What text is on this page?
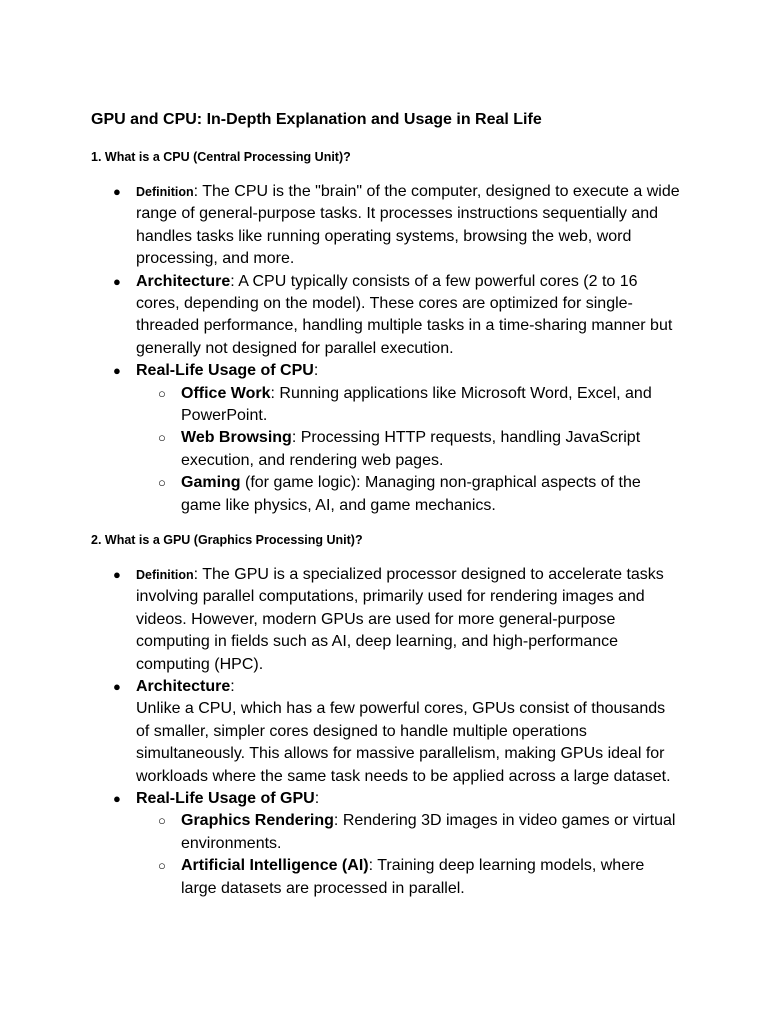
GPU and CPU: In-Depth Explanation and Usage in Real Life
1. What is a CPU (Central Processing Unit)?
●	Definition: The CPU is the "brain" of the computer, designed to execute a wide range of general-purpose tasks. It processes instructions sequentially and handles tasks like running operating systems, browsing the web, word processing, and more.
● Architecture: A CPU typically consists of a few powerful cores (2 to 16 cores, depending on the model). These cores are optimized for single-threaded performance, handling multiple tasks in a time-sharing manner but generally not designed for parallel execution.
● Real-Life Usage of CPU:
○ Office Work: Running applications like Microsoft Word, Excel, and PowerPoint.
○ Web Browsing: Processing HTTP requests, handling JavaScript execution, and rendering web pages.
○ Gaming (for game logic): Managing non-graphical aspects of the game like physics, AI, and game mechanics.
2. What is a GPU (Graphics Processing Unit)?
●	Definition: The GPU is a specialized processor designed to accelerate tasks involving parallel computations, primarily used for rendering images and videos. However, modern GPUs are used for more general-purpose computing in fields such as AI, deep learning, and high-performance computing (HPC).
● Architecture:
Unlike a CPU, which has a few powerful cores, GPUs consist of thousands of smaller, simpler cores designed to handle multiple operations simultaneously. This allows for massive parallelism, making GPUs ideal for workloads where the same task needs to be applied across a large dataset.
● Real-Life Usage of GPU:
○ Graphics Rendering: Rendering 3D images in video games or virtual environments.
○ Artificial Intelligence (AI): Training deep learning models, where large datasets are processed in parallel.
